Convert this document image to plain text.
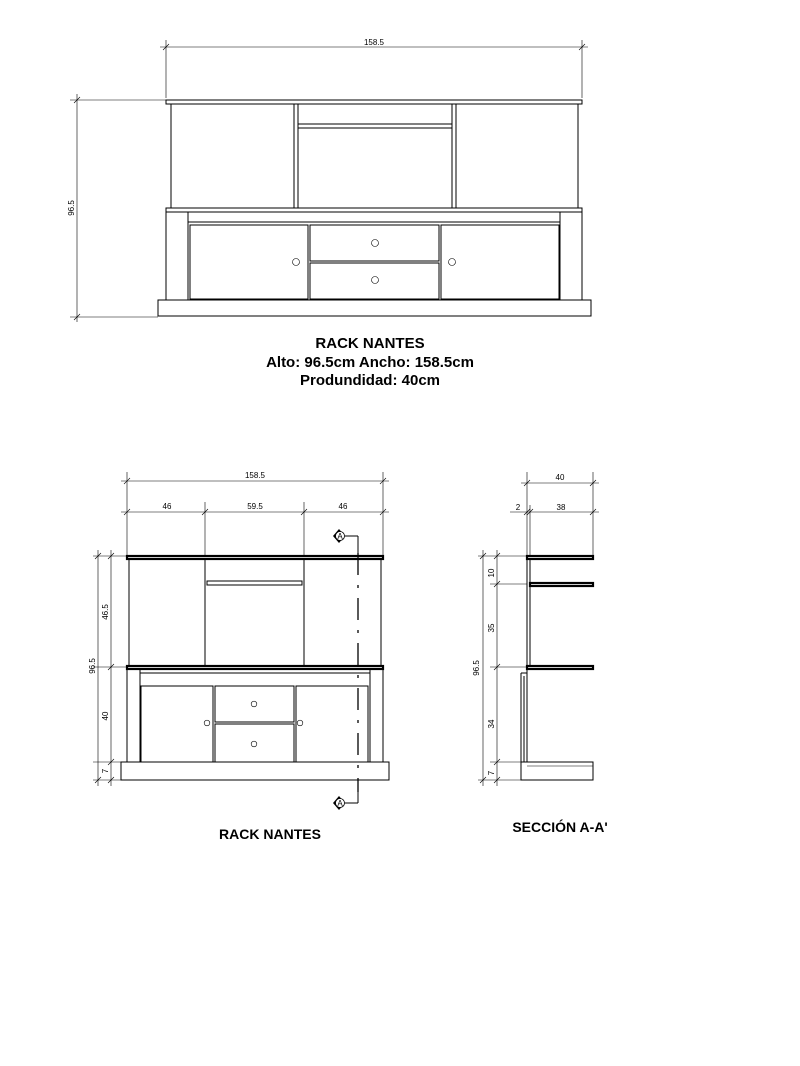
158.5
96.5
RACK NANTES
Alto: 96.5cm Ancho: 158.5cm
Produndidad: 40cm
158.5
46	59.5	46
96.5
46.5
40
7
A
A
RACK NANTES
40
2	38
96.5
10
35
34
7
SECCIÓN A-A'
